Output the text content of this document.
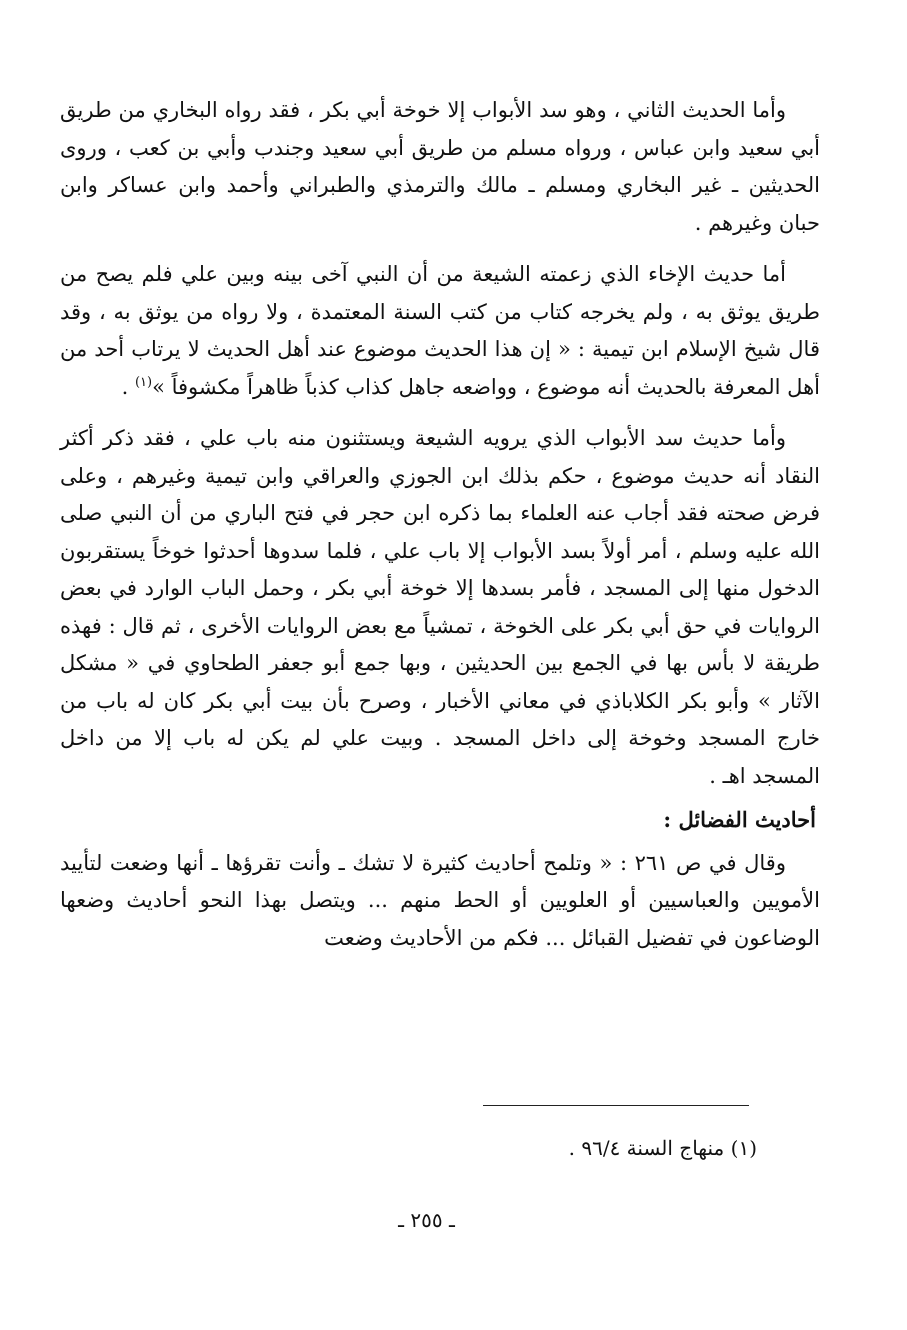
وأما الحديث الثاني ، وهو سد الأبواب إلا خوخة أبي بكر ، فقد رواه البخاري من طريق أبي سعيد وابن عباس ، ورواه مسلم من طريق أبي سعيد وجندب وأبي بن كعب ، وروى الحديثين ـ غير البخاري ومسلم ـ مالك والترمذي والطبراني وأحمد وابن عساكر وابن حبان وغيرهم .

أما حديث الإخاء الذي زعمته الشيعة من أن النبي آخى بينه وبين علي فلم يصح من طريق يوثق به ، ولم يخرجه كتاب من كتب السنة المعتمدة ، ولا رواه من يوثق به ، وقد قال شيخ الإسلام ابن تيمية : « إن هذا الحديث موضوع عند أهل الحديث لا يرتاب أحد من أهل المعرفة بالحديث أنه موضوع ، وواضعه جاهل كذاب كذباً ظاهراً مكشوفاً »$^{(١)}$ .

وأما حديث سد الأبواب الذي يرويه الشيعة ويستثنون منه باب علي ، فقد ذكر أكثر النقاد أنه حديث موضوع ، حكم بذلك ابن الجوزي والعراقي وابن تيمية وغيرهم ، وعلى فرض صحته فقد أجاب عنه العلماء بما ذكره ابن حجر في فتح الباري من أن النبي صلى الله عليه وسلم ، أمر أولاً بسد الأبواب إلا باب علي ، فلما سدوها أحدثوا خوخاً يستقربون الدخول منها إلى المسجد ، فأمر بسدها إلا خوخة أبي بكر ، وحمل الباب الوارد في بعض الروايات في حق أبي بكر على الخوخة ، تمشياً مع بعض الروايات الأخرى ، ثم قال : فهذه طريقة لا بأس بها في الجمع بين الحديثين ، وبها جمع أبو جعفر الطحاوي في « مشكل الآثار » وأبو بكر الكلاباذي في معاني الأخبار ، وصرح بأن بيت أبي بكر كان له باب من خارج المسجد وخوخة إلى داخل المسجد . وبيت علي لم يكن له باب إلا من داخل المسجد اهـ .

أحاديث الفضائل :

وقال في ص ٢٦١ : « وتلمح أحاديث كثيرة لا تشك ـ وأنت تقرؤها ـ أنها وضعت لتأييد الأمويين والعباسيين أو العلويين أو الحط منهم ... ويتصل بهذا النحو أحاديث وضعها الوضاعون في تفضيل القبائل ... فكم من الأحاديث وضعت

(١) منهاج السنة ٩٦/٤ .
ـ ٢٥٥ ـ
